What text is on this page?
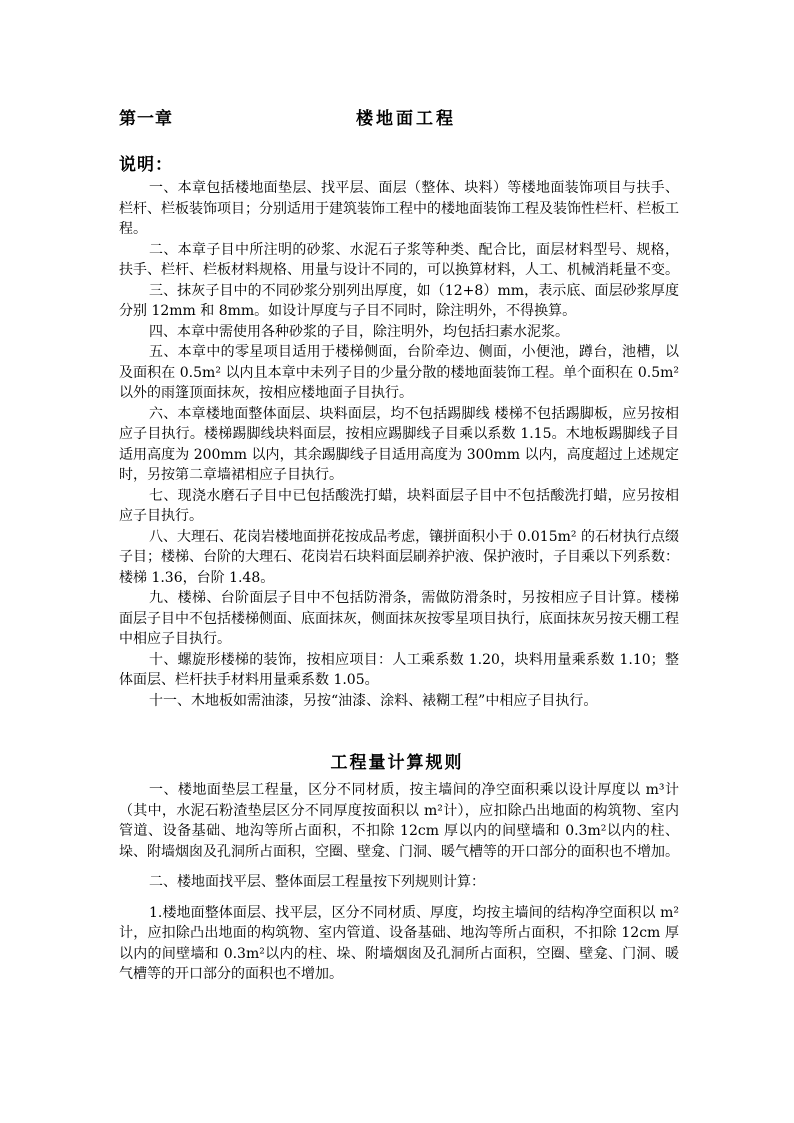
第一章	楼地面工程
说明：

一、本章包括楼地面垫层、找平层、面层（整体、块料）等楼地面装饰项目与扶手、栏杆、栏板装饰项目；分别适用于建筑装饰工程中的楼地面装饰工程及装饰性栏杆、栏板工程。

二、本章子目中所注明的砂浆、水泥石子浆等种类、配合比，面层材料型号、规格，扶手、栏杆、栏板材料规格、用量与设计不同的，可以换算材料，人工、机械消耗量不变。

三、抹灰子目中的不同砂浆分别列出厚度，如（12+8）mm，表示底、面层砂浆厚度分别 12mm 和 8mm。如设计厚度与子目不同时，除注明外，不得换算。

四、本章中需使用各种砂浆的子目，除注明外，均包括扫素水泥浆。

五、本章中的零星项目适用于楼梯侧面，台阶牵边、侧面，小便池，蹲台，池槽，以及面积在 0.5m² 以内且本章中未列子目的少量分散的楼地面装饰工程。单个面积在 0.5m² 以外的雨篷顶面抹灰，按相应楼地面子目执行。

六、本章楼地面整体面层、块料面层，均不包括踢脚线 楼梯不包括踢脚板，应另按相应子目执行。楼梯踢脚线块料面层，按相应踢脚线子目乘以系数 1.15。木地板踢脚线子目适用高度为 200mm 以内，其余踢脚线子目适用高度为 300mm 以内，高度超过上述规定时，另按第二章墙裙相应子目执行。

七、现浇水磨石子目中已包括酸洗打蜡，块料面层子目中不包括酸洗打蜡，应另按相应子目执行。

八、大理石、花岗岩楼地面拼花按成品考虑，镶拼面积小于 0.015m² 的石材执行点缀子目；楼梯、台阶的大理石、花岗岩石块料面层刷养护液、保护液时，子目乘以下列系数：楼梯 1.36，台阶 1.48。

九、楼梯、台阶面层子目中不包括防滑条，需做防滑条时，另按相应子目计算。楼梯面层子目中不包括楼梯侧面、底面抹灰，侧面抹灰按零星项目执行，底面抹灰另按天棚工程中相应子目执行。

十、螺旋形楼梯的装饰，按相应项目：人工乘系数 1.20，块料用量乘系数 1.10；整体面层、栏杆扶手材料用量乘系数 1.05。

十一、木地板如需油漆，另按“油漆、涂料、裱糊工程”中相应子目执行。

工程量计算规则

一、楼地面垫层工程量，区分不同材质，按主墙间的净空面积乘以设计厚度以 m³计（其中，水泥石粉渣垫层区分不同厚度按面积以 m²计），应扣除凸出地面的构筑物、室内管道、设备基础、地沟等所占面积，不扣除 12cm 厚以内的间壁墙和 0.3m²以内的柱、垛、附墙烟囱及孔洞所占面积，空圈、壁龛、门洞、暖气槽等的开口部分的面积也不增加。

二、楼地面找平层、整体面层工程量按下列规则计算：

1.楼地面整体面层、找平层，区分不同材质、厚度，均按主墙间的结构净空面积以 m²计，应扣除凸出地面的构筑物、室内管道、设备基础、地沟等所占面积，不扣除 12cm 厚以内的间壁墙和 0.3m²以内的柱、垛、附墙烟囱及孔洞所占面积，空圈、壁龛、门洞、暖气槽等的开口部分的面积也不增加。
